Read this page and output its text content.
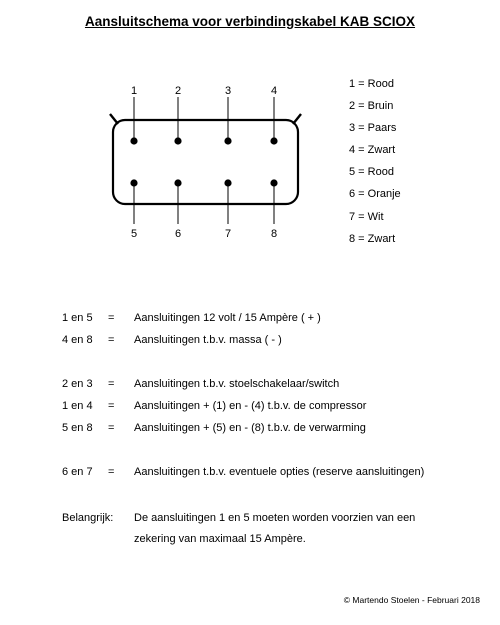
Aansluitschema voor verbindingskabel KAB SCIOX
1	2	3	4
5	6	7	8
1 = Rood
2 = Bruin
3 = Paars
4 = Zwart
5 = Rood
6 = Oranje
7 = Wit
8 = Zwart
1 en 5 = Aansluitingen 12 volt / 15 Ampère ( + )
4 en 8 = Aansluitingen t.b.v. massa ( - )
2 en 3 = Aansluitingen t.b.v. stoelschakelaar/switch
1 en 4 = Aansluitingen + (1) en - (4) t.b.v. de compressor
5 en 8 = Aansluitingen + (5) en - (8) t.b.v. de verwarming
6 en 7 = Aansluitingen t.b.v. eventuele opties (reserve aansluitingen)
Belangrijk: De aansluitingen 1 en 5 moeten worden voorzien van een
zekering van maximaal 15 Ampère.
© Martendo Stoelen - Februari 2018
